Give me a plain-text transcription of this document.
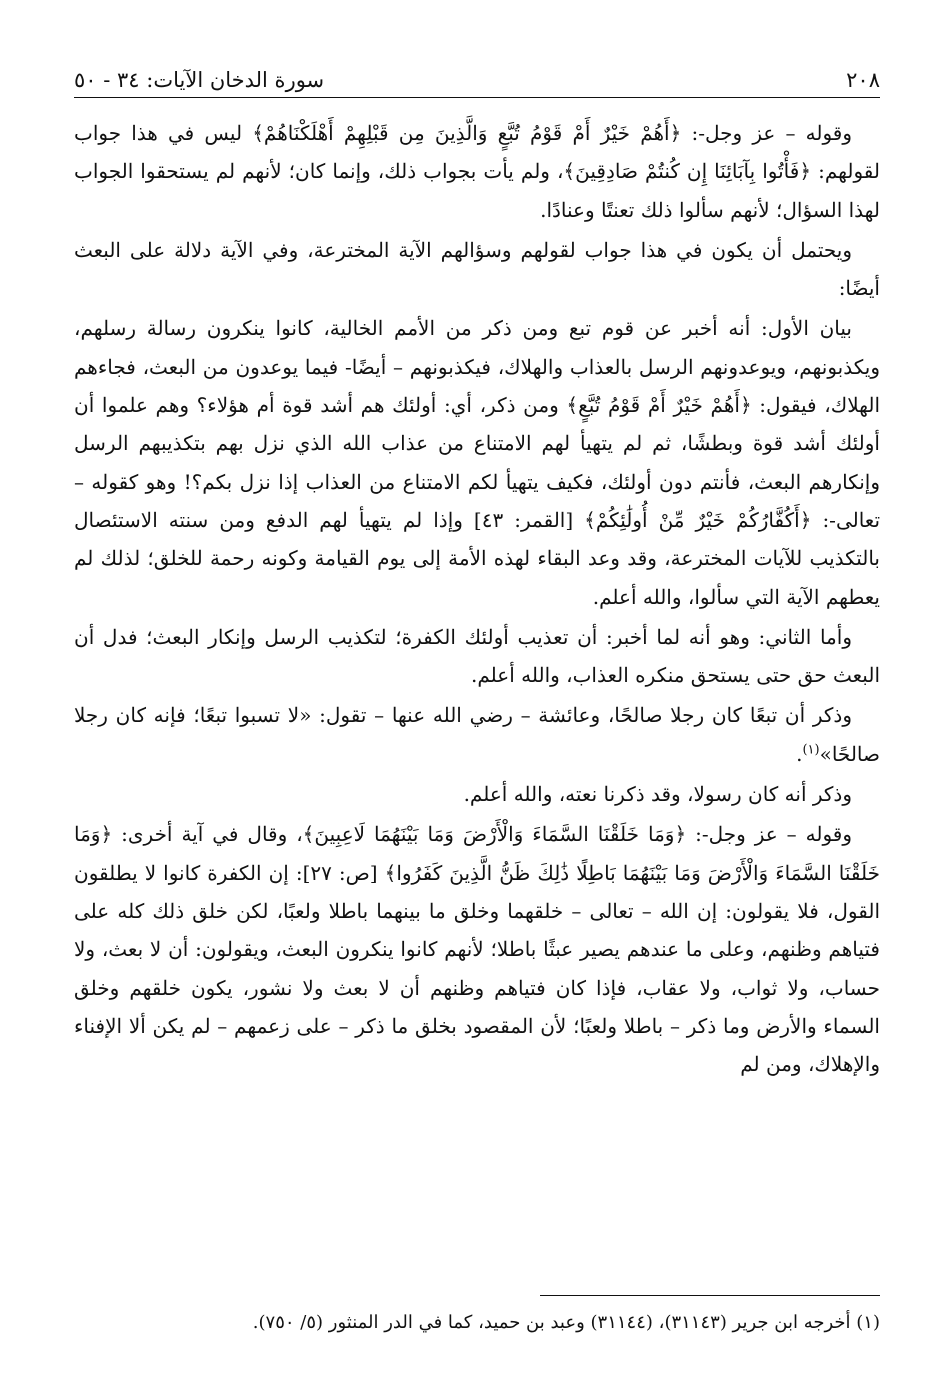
٢٠٨
سورة الدخان الآيات: ٣٤ - ٥٠

وقوله – عز وجل-: ﴿أَهُمْ خَيْرٌ أَمْ قَوْمُ تُبَّعٍ وَالَّذِينَ مِن قَبْلِهِمْ أَهْلَكْنَاهُمْ﴾ ليس في هذا جواب لقولهم: ﴿فَأْتُوا بِآبَائِنَا إِن كُنتُمْ صَادِقِينَ﴾، ولم يأت بجواب ذلك، وإنما كان؛ لأنهم لم يستحقوا الجواب لهذا السؤال؛ لأنهم سألوا ذلك تعنتًا وعنادًا.

ويحتمل أن يكون في هذا جواب لقولهم وسؤالهم الآية المخترعة، وفي الآية دلالة على البعث أيضًا:

بيان الأول: أنه أخبر عن قوم تبع ومن ذكر من الأمم الخالية، كانوا ينكرون رسالة رسلهم، ويكذبونهم، ويوعدونهم الرسل بالعذاب والهلاك، فيكذبونهم – أيضًا- فيما يوعدون من البعث، فجاءهم الهلاك، فيقول: ﴿أَهُمْ خَيْرٌ أَمْ قَوْمُ تُبَّعٍ﴾ ومن ذكر، أي: أولئك هم أشد قوة أم هؤلاء؟ وهم علموا أن أولئك أشد قوة وبطشًا، ثم لم يتهيأ لهم الامتناع من عذاب الله الذي نزل بهم بتكذيبهم الرسل وإنكارهم البعث، فأنتم دون أولئك، فكيف يتهيأ لكم الامتناع من العذاب إذا نزل بكم؟! وهو كقوله – تعالى-: ﴿أَكُفَّارُكُمْ خَيْرٌ مِّنْ أُولَٰئِكُمْ﴾ [القمر: ٤٣] وإذا لم يتهيأ لهم الدفع ومن سنته الاستئصال بالتكذيب للآيات المخترعة، وقد وعد البقاء لهذه الأمة إلى يوم القيامة وكونه رحمة للخلق؛ لذلك لم يعطهم الآية التي سألوا، والله أعلم.

وأما الثاني: وهو أنه لما أخبر: أن تعذيب أولئك الكفرة؛ لتكذيب الرسل وإنكار البعث؛ فدل أن البعث حق حتى يستحق منكره العذاب، والله أعلم.

وذكر أن تبعًا كان رجلا صالحًا، وعائشة – رضي الله عنها – تقول: «لا تسبوا تبعًا؛ فإنه كان رجلا صالحًا»$^{(١)}$.

وذكر أنه كان رسولا، وقد ذكرنا نعته، والله أعلم.

وقوله – عز وجل-: ﴿وَمَا خَلَقْنَا السَّمَاءَ وَالْأَرْضَ وَمَا بَيْنَهُمَا لَاعِبِينَ﴾، وقال في آية أخرى: ﴿وَمَا خَلَقْنَا السَّمَاءَ وَالْأَرْضَ وَمَا بَيْنَهُمَا بَاطِلًا ذَٰلِكَ ظَنُّ الَّذِينَ كَفَرُوا﴾ [ص: ٢٧]: إن الكفرة كانوا لا يطلقون القول، فلا يقولون: إن الله – تعالى – خلقهما وخلق ما بينهما باطلا ولعبًا، لكن خلق ذلك كله على فتياهم وظنهم، وعلى ما عندهم يصير عبثًا باطلا؛ لأنهم كانوا ينكرون البعث، ويقولون: أن لا بعث، ولا حساب، ولا ثواب، ولا عقاب، فإذا كان فتياهم وظنهم أن لا بعث ولا نشور، يكون خلقهم وخلق السماء والأرض وما ذكر – باطلا ولعبًا؛ لأن المقصود بخلق ما ذكر – على زعمهم – لم يكن ألا الإفناء والإهلاك، ومن لم

(١) أخرجه ابن جرير (٣١١٤٣)، (٣١١٤٤) وعبد بن حميد، كما في الدر المنثور (٥/ ٧٥٠).
